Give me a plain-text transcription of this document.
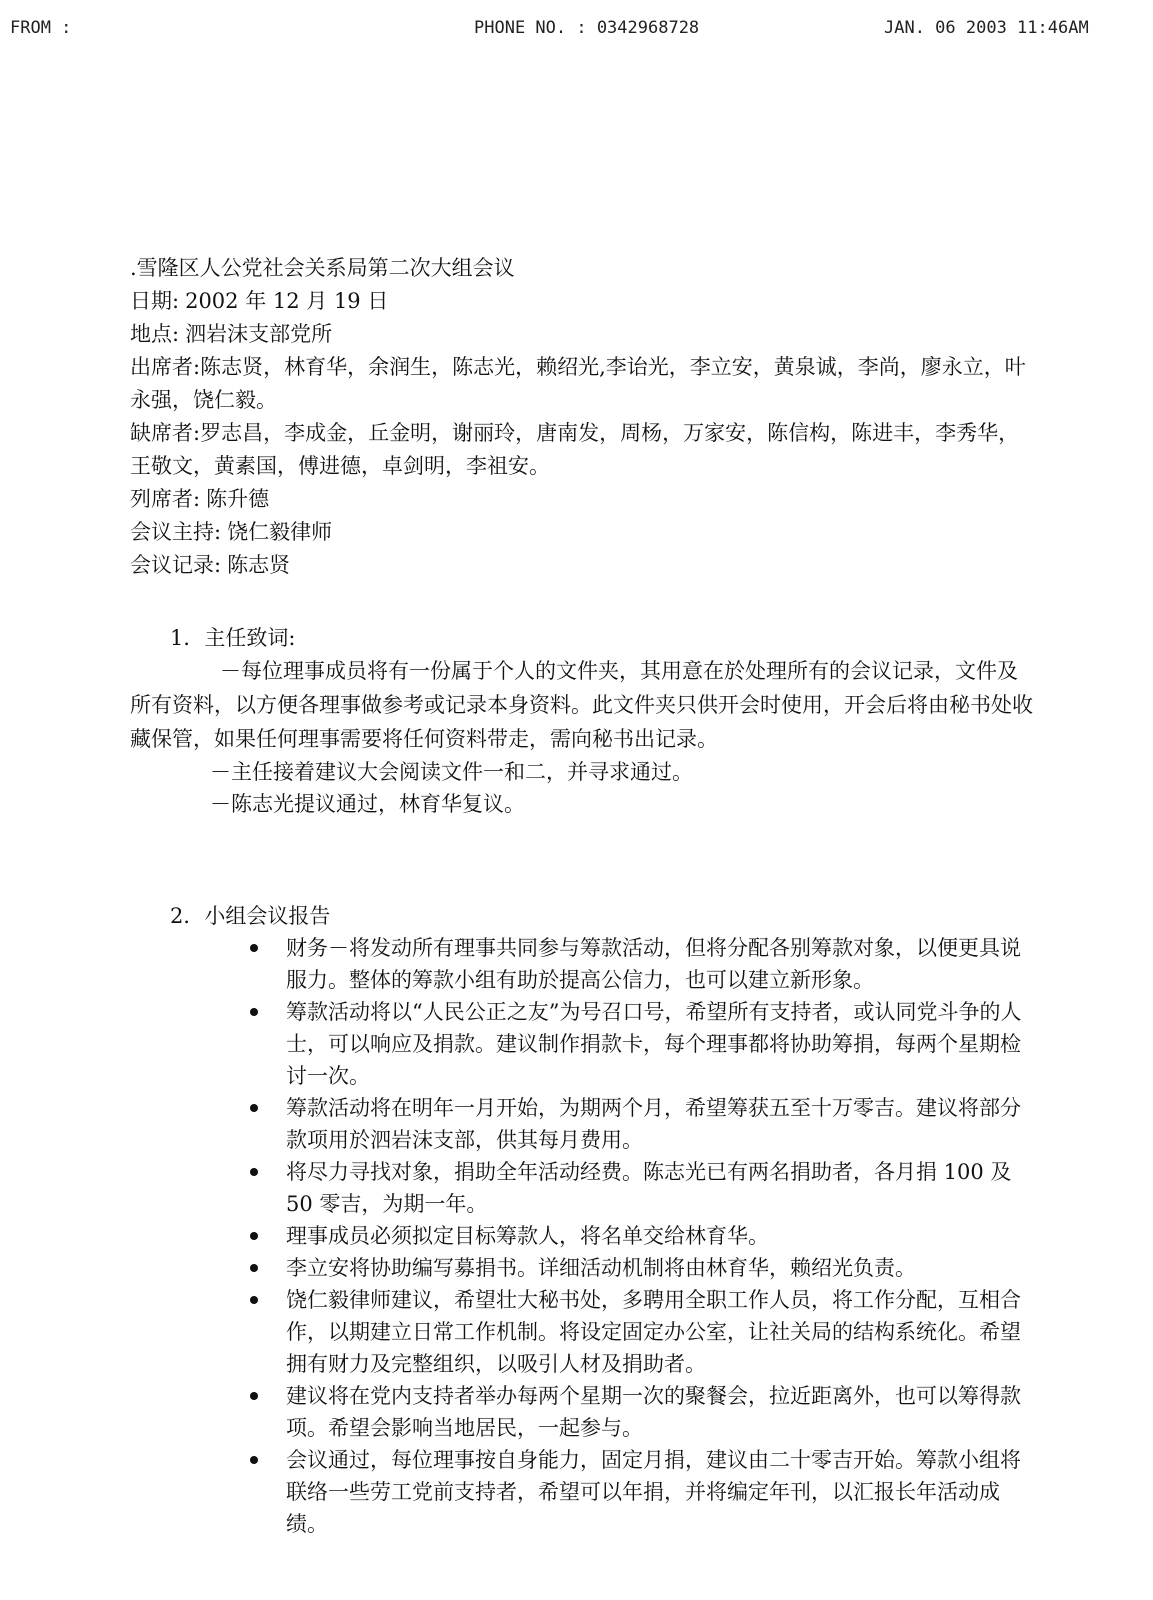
FROM :	PHONE NO. : 0342968728	JAN. 06 2003 11:46AM

.雪隆区人公党社会关系局第二次大组会议

日期: 2002 年 12 月 19 日

地点: 泗岩沫支部党所

出席者:陈志贤，林育华，余润生，陈志光，赖绍光,李诒光，李立安，黄泉诚，李尚，廖永立，叶永强，饶仁毅。

缺席者:罗志昌，李成金，丘金明，谢丽玲，唐南发，周杨，万家安，陈信构，陈进丰，李秀华，王敬文，黄素国，傅进德，卓剑明，李祖安。

列席者: 陈升德

会议主持: 饶仁毅律师

会议记录: 陈志贤

1．主任致词:

－每位理事成员将有一份属于个人的文件夹，其用意在於处理所有的会议记录，文件及所有资料，以方便各理事做参考或记录本身资料。此文件夹只供开会时使用，开会后将由秘书处收藏保管，如果任何理事需要将任何资料带走，需向秘书出记录。

－主任接着建议大会阅读文件一和二，并寻求通过。

－陈志光提议通过，林育华复议。

2．小组会议报告

财务－将发动所有理事共同参与筹款活动，但将分配各别筹款对象，以便更具说服力。整体的筹款小组有助於提高公信力，也可以建立新形象。
筹款活动将以“人民公正之友”为号召口号，希望所有支持者，或认同党斗争的人士，可以响应及捐款。建议制作捐款卡，每个理事都将协助筹捐，每两个星期检讨一次。
筹款活动将在明年一月开始，为期两个月，希望筹获五至十万零吉。建议将部分款项用於泗岩沫支部，供其每月费用。
将尽力寻找对象，捐助全年活动经费。陈志光已有两名捐助者，各月捐 100 及 50 零吉，为期一年。
理事成员必须拟定目标筹款人，将名单交给林育华。
李立安将协助编写募捐书。详细活动机制将由林育华，赖绍光负责。
饶仁毅律师建议，希望壮大秘书处，多聘用全职工作人员，将工作分配，互相合作，以期建立日常工作机制。将设定固定办公室，让社关局的结构系统化。希望拥有财力及完整组织，以吸引人材及捐助者。
建议将在党内支持者举办每两个星期一次的聚餐会，拉近距离外，也可以筹得款项。希望会影响当地居民，一起参与。
会议通过，每位理事按自身能力，固定月捐，建议由二十零吉开始。筹款小组将联络一些劳工党前支持者，希望可以年捐，并将编定年刊，以汇报长年活动成绩。
